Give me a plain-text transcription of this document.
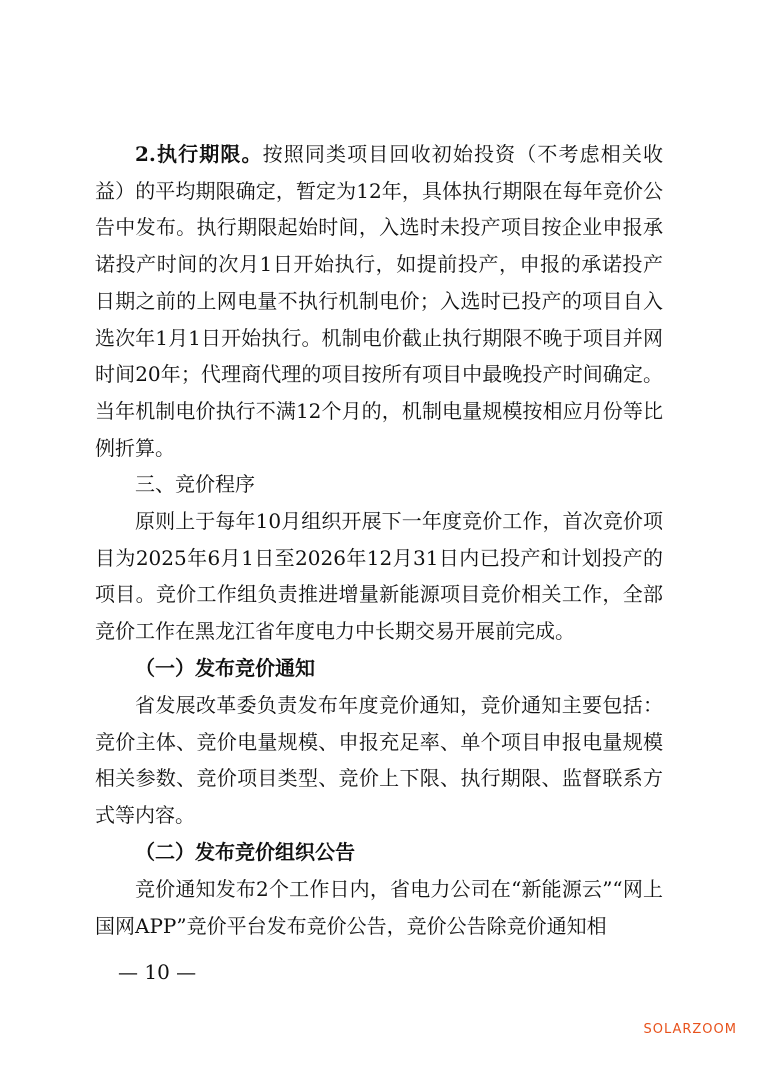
2.执行期限。按照同类项目回收初始投资（不考虑相关收益）的平均期限确定，暂定为12年，具体执行期限在每年竞价公告中发布。执行期限起始时间，入选时未投产项目按企业申报承诺投产时间的次月1日开始执行，如提前投产，申报的承诺投产日期之前的上网电量不执行机制电价；入选时已投产的项目自入选次年1月1日开始执行。机制电价截止执行期限不晚于项目并网时间20年；代理商代理的项目按所有项目中最晚投产时间确定。当年机制电价执行不满12个月的，机制电量规模按相应月份等比例折算。

三、竞价程序

原则上于每年10月组织开展下一年度竞价工作，首次竞价项目为2025年6月1日至2026年12月31日内已投产和计划投产的项目。竞价工作组负责推进增量新能源项目竞价相关工作，全部竞价工作在黑龙江省年度电力中长期交易开展前完成。

（一）发布竞价通知

省发展改革委负责发布年度竞价通知，竞价通知主要包括：竞价主体、竞价电量规模、申报充足率、单个项目申报电量规模相关参数、竞价项目类型、竞价上下限、执行期限、监督联系方式等内容。

（二）发布竞价组织公告

竞价通知发布2个工作日内，省电力公司在“新能源云”“网上国网APP”竞价平台发布竞价公告，竞价公告除竞价通知相

— 10 —
SOLARZOOM
